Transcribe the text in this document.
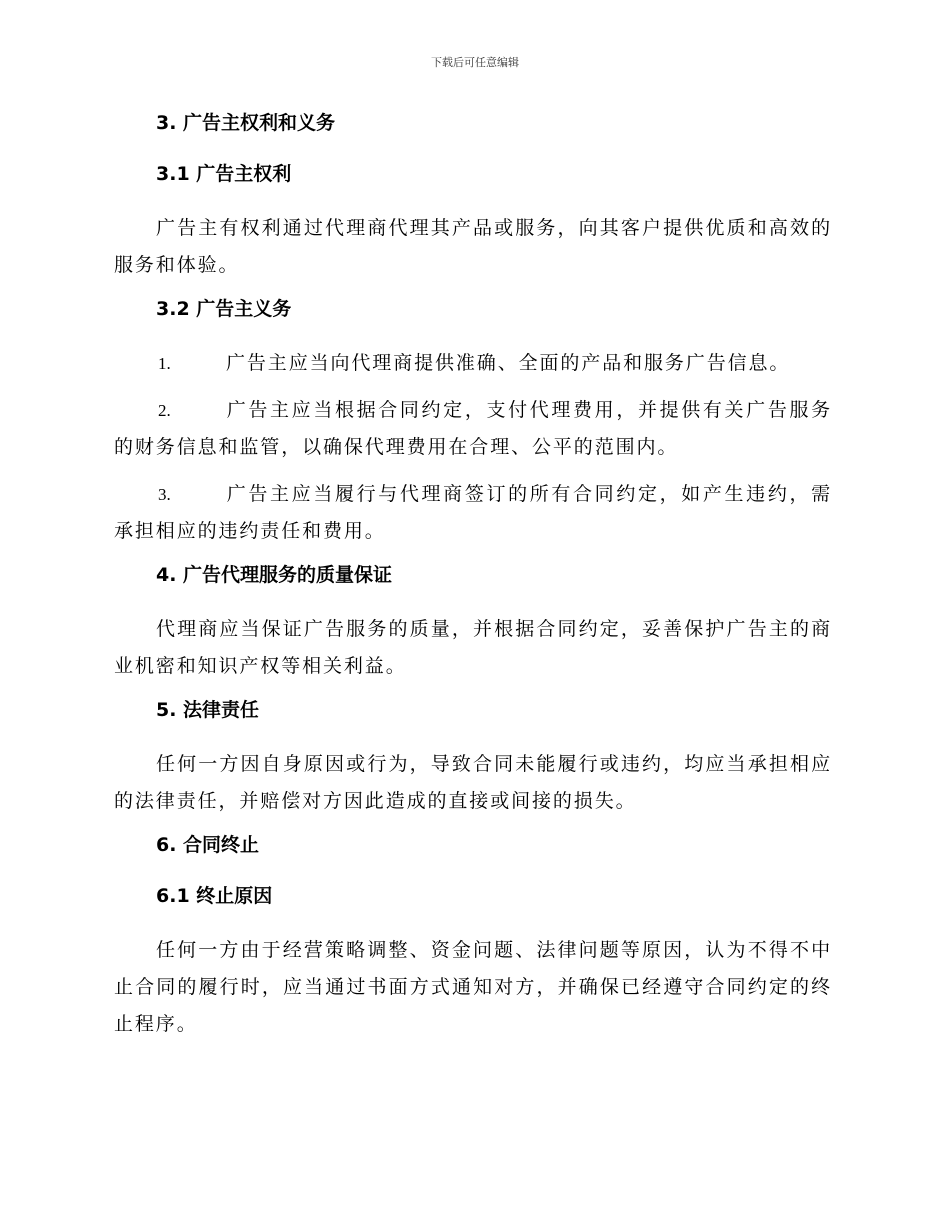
下载后可任意编辑
3. 广告主权利和义务
3.1 广告主权利

广告主有权利通过代理商代理其产品或服务，向其客户提供优质和高效的服务和体验。

3.2 广告主义务
1.	广告主应当向代理商提供准确、全面的产品和服务广告信息。
2.	广告主应当根据合同约定，支付代理费用，并提供有关广告服务的财务信息和监管，以确保代理费用在合理、公平的范围内。
3.	广告主应当履行与代理商签订的所有合同约定，如产生违约，需承担相应的违约责任和费用。
4. 广告代理服务的质量保证

代理商应当保证广告服务的质量，并根据合同约定，妥善保护广告主的商业机密和知识产权等相关利益。

5. 法律责任

任何一方因自身原因或行为，导致合同未能履行或违约，均应当承担相应的法律责任，并赔偿对方因此造成的直接或间接的损失。

6. 合同终止
6.1 终止原因

任何一方由于经营策略调整、资金问题、法律问题等原因，认为不得不中止合同的履行时，应当通过书面方式通知对方，并确保已经遵守合同约定的终止程序。
